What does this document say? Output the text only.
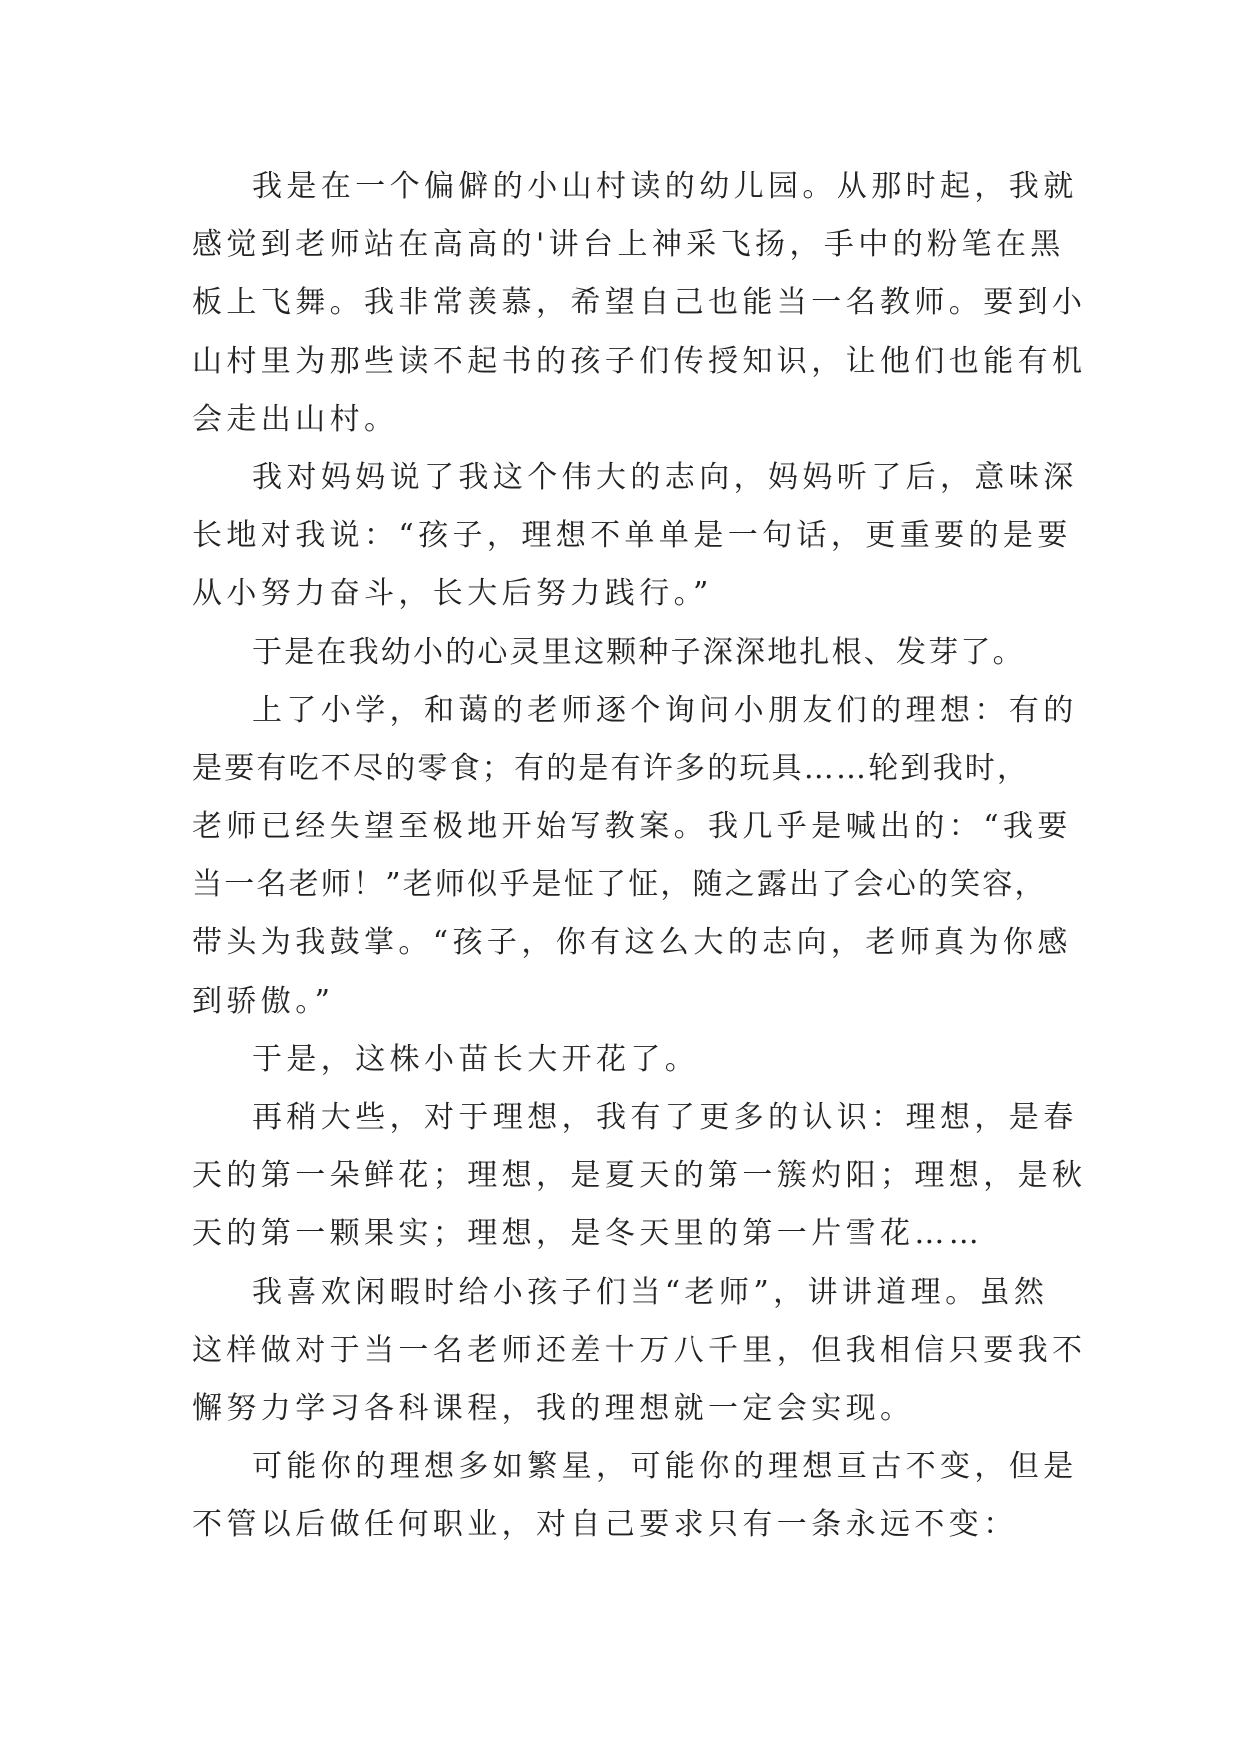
我是在一个偏僻的小山村读的幼儿园。从那时起，我就
感觉到老师站在高高的'讲台上神采飞扬，手中的粉笔在黑
板上飞舞。我非常羡慕，希望自己也能当一名教师。要到小
山村里为那些读不起书的孩子们传授知识，让他们也能有机
会走出山村。
我对妈妈说了我这个伟大的志向，妈妈听了后，意味深
长地对我说：“孩子，理想不单单是一句话，更重要的是要
从小努力奋斗，长大后努力践行。”
于是在我幼小的心灵里这颗种子深深地扎根、发芽了。
上了小学，和蔼的老师逐个询问小朋友们的理想：有的
是要有吃不尽的零食；有的是有许多的玩具……轮到我时，
老师已经失望至极地开始写教案。我几乎是喊出的：“我要
当一名老师！”老师似乎是怔了怔，随之露出了会心的笑容，
带头为我鼓掌。“孩子，你有这么大的志向，老师真为你感
到骄傲。”
于是，这株小苗长大开花了。
再稍大些，对于理想，我有了更多的认识：理想，是春
天的第一朵鲜花；理想，是夏天的第一簇灼阳；理想，是秋
天的第一颗果实；理想，是冬天里的第一片雪花……
我喜欢闲暇时给小孩子们当“老师”，讲讲道理。虽然
这样做对于当一名老师还差十万八千里，但我相信只要我不
懈努力学习各科课程，我的理想就一定会实现。
可能你的理想多如繁星，可能你的理想亘古不变，但是
不管以后做任何职业，对自己要求只有一条永远不变：
